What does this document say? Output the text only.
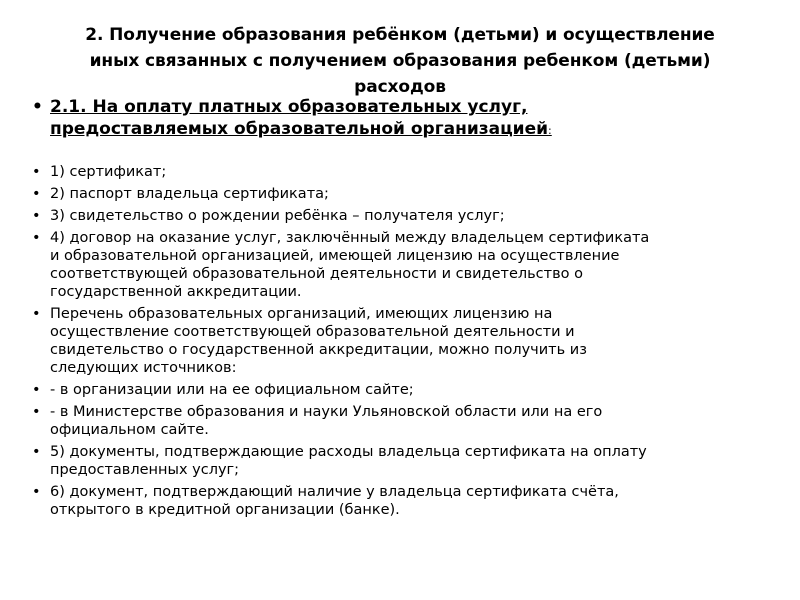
2. Получение образования ребёнком (детьми) и осуществление
иных связанных с получением образования ребенком (детьми)
расходов
• 2.1. На оплату платных образовательных услуг,
предоставляемых образовательной организацией:
• 1) сертификат;
• 2) паспорт владельца сертификата;
• 3) свидетельство о рождении ребёнка – получателя услуг;
• 4) договор на оказание услуг, заключённый между владельцем сертификата
и образовательной организацией, имеющей лицензию на осуществление
соответствующей образовательной деятельности и свидетельство о
государственной аккредитации.
• Перечень образовательных организаций, имеющих лицензию на
осуществление соответствующей образовательной деятельности и
свидетельство о государственной аккредитации, можно получить из
следующих источников:
• - в организации или на ее официальном сайте;
• - в Министерстве образования и науки Ульяновской области или на его
официальном сайте.
• 5) документы, подтверждающие расходы владельца сертификата на оплату
предоставленных услуг;
• 6) документ, подтверждающий наличие у владельца сертификата счёта,
открытого в кредитной организации (банке).
